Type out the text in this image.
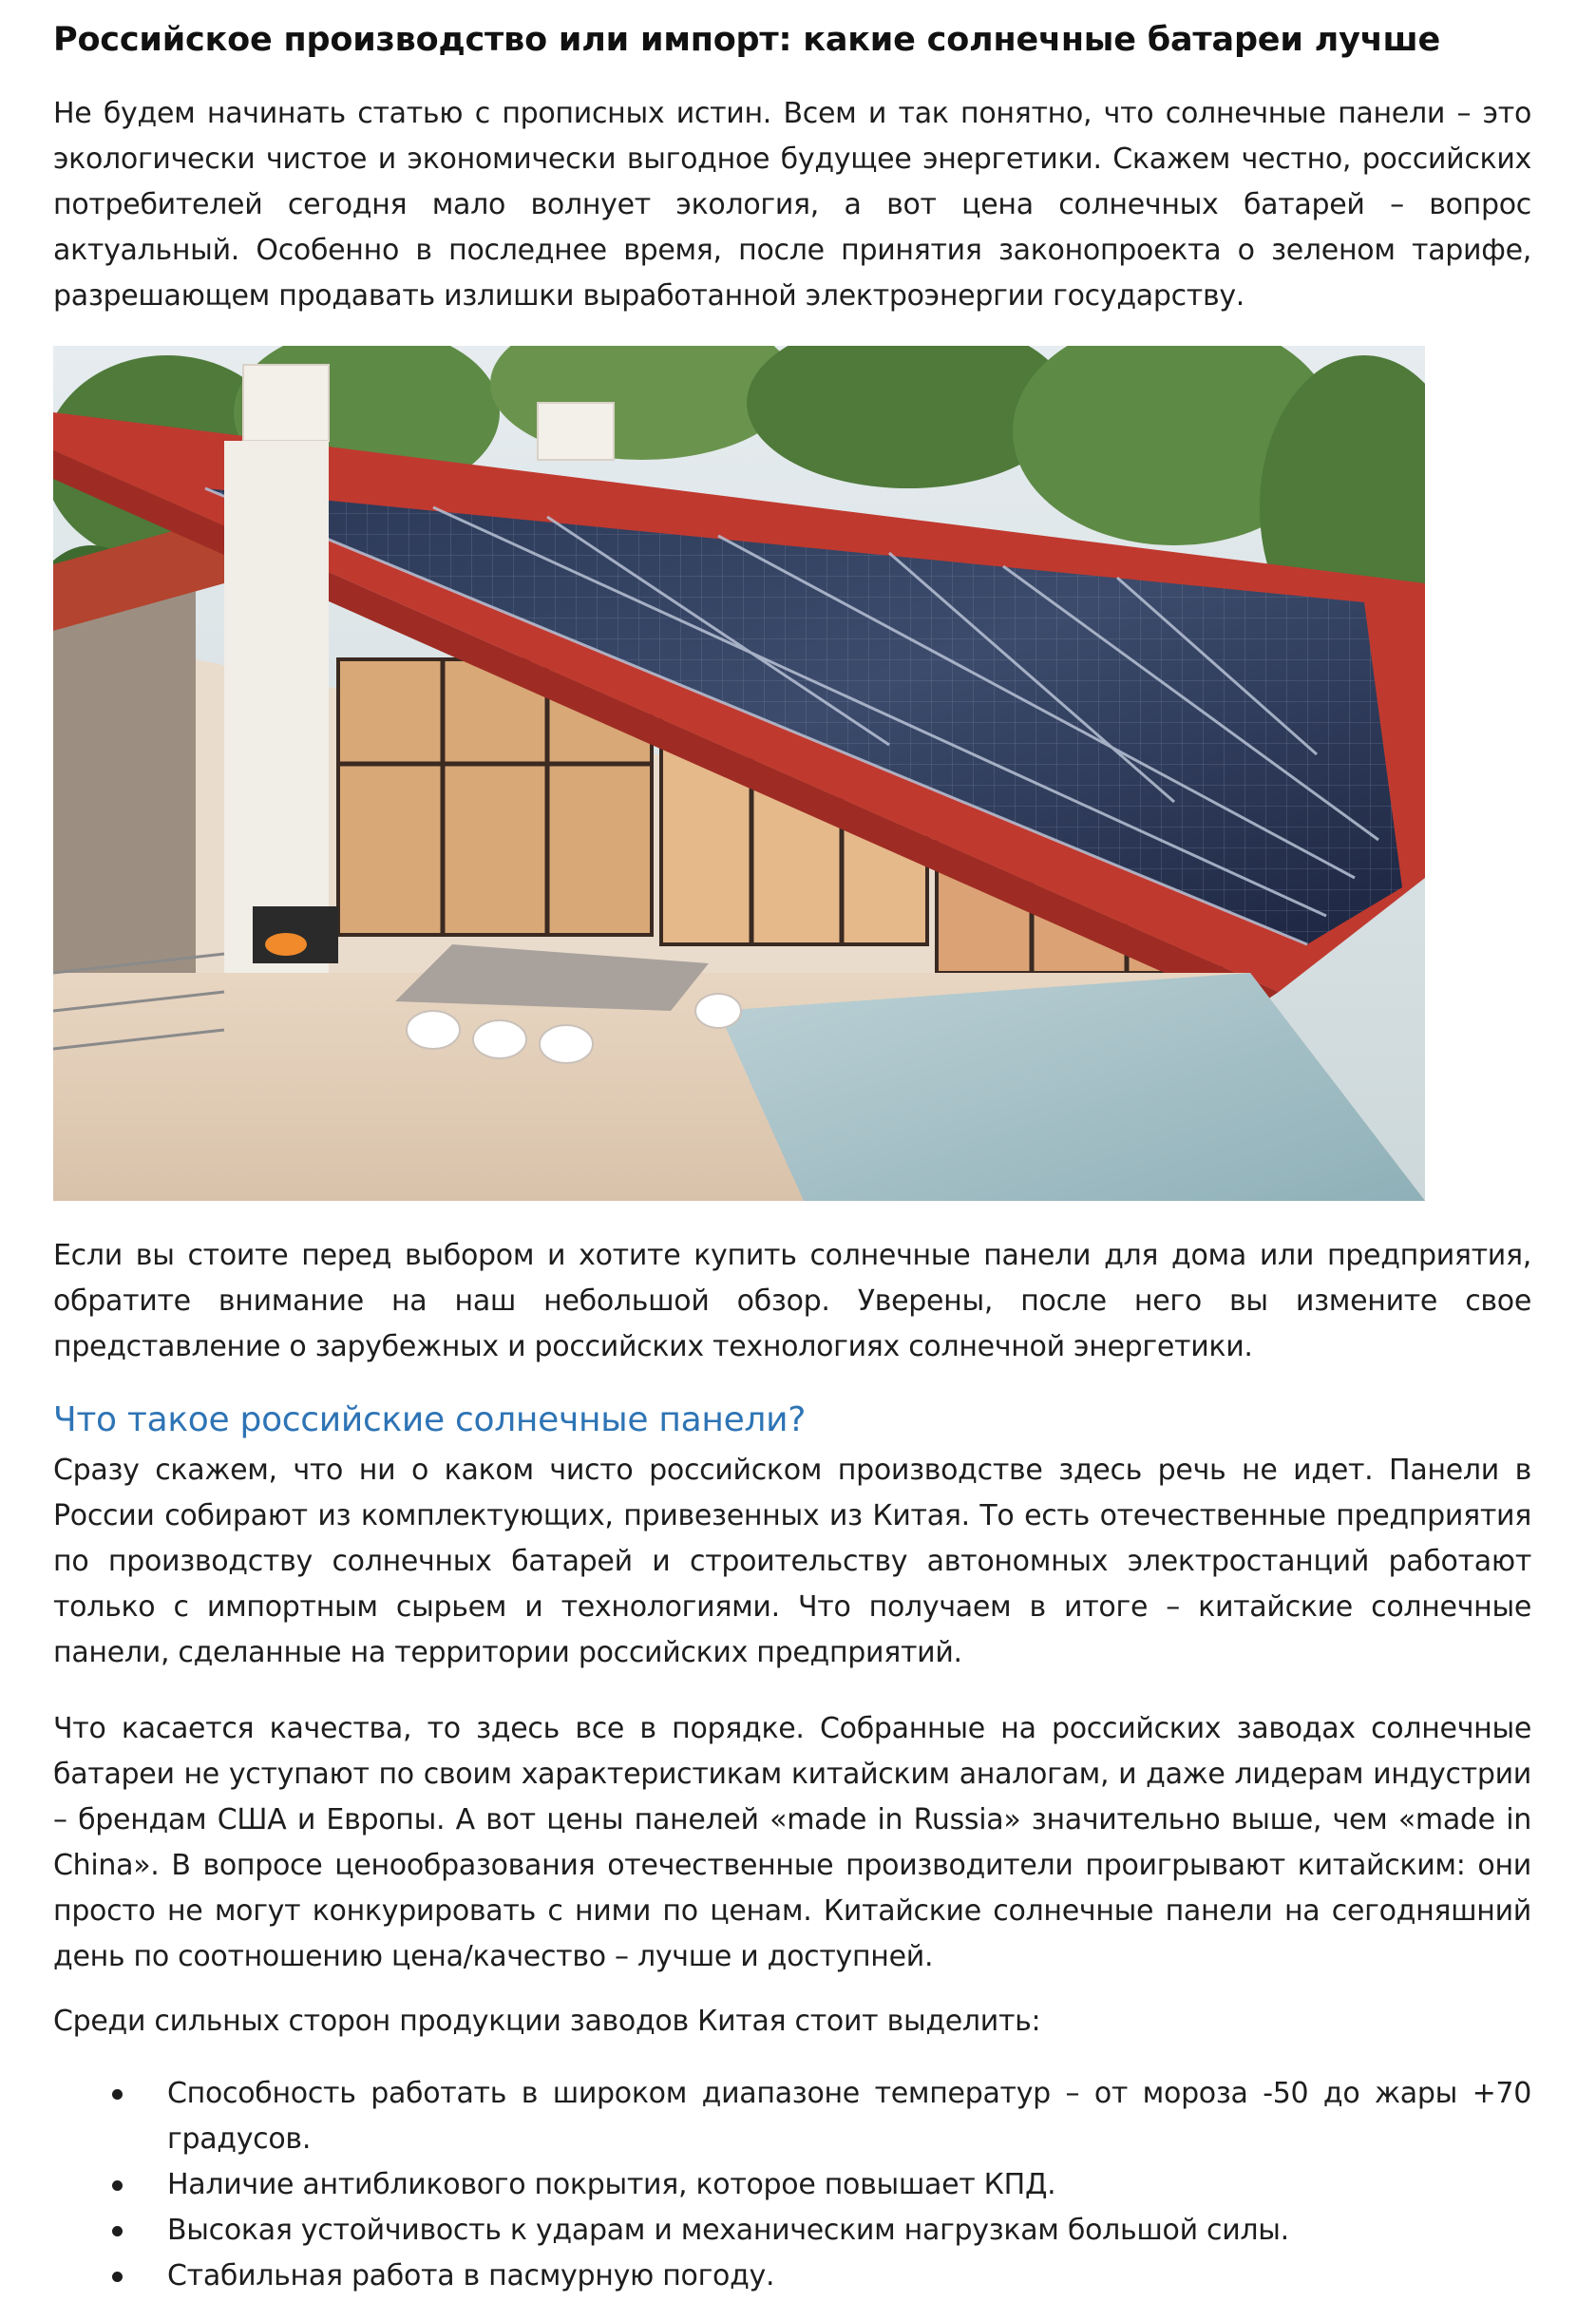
Российское производство или импорт: какие солнечные батареи лучше

Не будем начинать статью с прописных истин. Всем и так понятно, что солнечные панели – это экологически чистое и экономически выгодное будущее энергетики. Скажем честно, российских потребителей сегодня мало волнует экология, а вот цена солнечных батарей – вопрос актуальный. Особенно в последнее время, после принятия законопроекта о зеленом тарифе, разрешающем продавать излишки выработанной электроэнергии государству.

Если вы стоите перед выбором и хотите купить солнечные панели для дома или предприятия, обратите внимание на наш небольшой обзор. Уверены, после него вы измените свое представление о зарубежных и российских технологиях солнечной энергетики.

Что такое российские солнечные панели?

Сразу скажем, что ни о каком чисто российском производстве здесь речь не идет. Панели в России собирают из комплектующих, привезенных из Китая. То есть отечественные предприятия по производству солнечных батарей и строительству автономных электростанций работают только с импортным сырьем и технологиями. Что получаем в итоге – китайские солнечные панели, сделанные на территории российских предприятий.

Что касается качества, то здесь все в порядке. Собранные на российских заводах солнечные батареи не уступают по своим характеристикам китайским аналогам, и даже лидерам индустрии – брендам США и Европы. А вот цены панелей «made in Russia» значительно выше, чем «made in China». В вопросе ценообразования отечественные производители проигрывают китайским: они просто не могут конкурировать с ними по ценам. Китайские солнечные панели на сегодняшний день по соотношению цена/качество – лучше и доступней.

Среди сильных сторон продукции заводов Китая стоит выделить:

Способность работать в широком диапазоне температур – от мороза -50 до жары +70 градусов.
Наличие антибликового покрытия, которое повышает КПД.
Высокая устойчивость к ударам и механическим нагрузкам большой силы.
Стабильная работа в пасмурную погоду.
